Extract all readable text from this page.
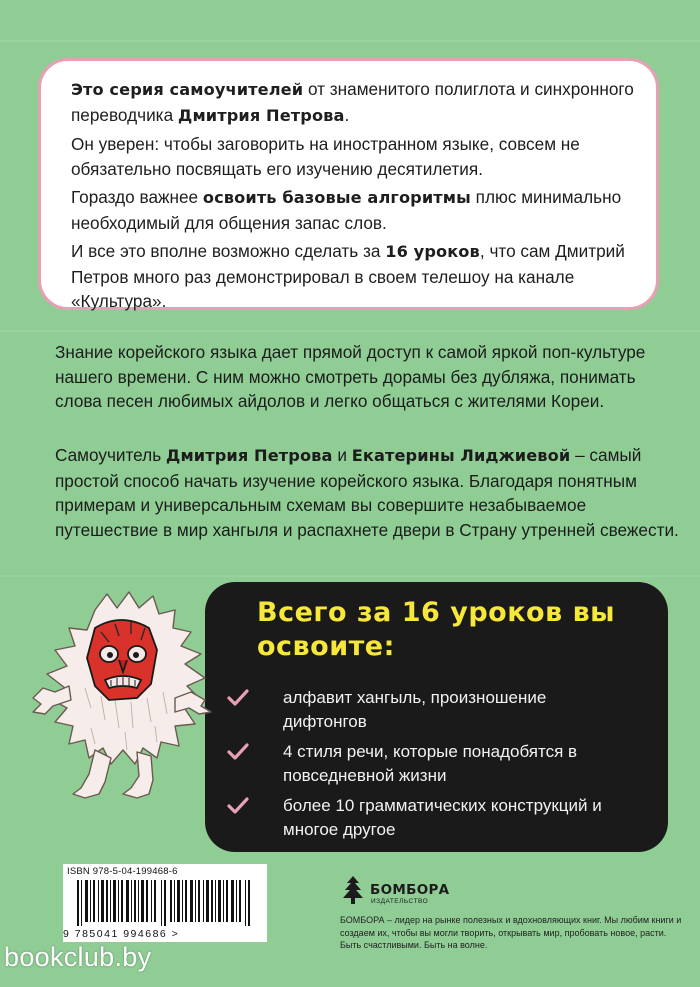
Это серия самоучителей от знаменитого полиглота и синхронного переводчика Дмитрия Петрова.

Он уверен: чтобы заговорить на иностранном языке, совсем не обязательно посвящать его изучению десятилетия.

Гораздо важнее освоить базовые алгоритмы плюс минимально необходимый для общения запас слов.

И все это вполне возможно сделать за 16 уроков, что сам Дмитрий Петров много раз демонстрировал в своем телешоу на канале «Культура».

Знание корейского языка дает прямой доступ к самой яркой поп-культуре нашего времени. С ним можно смотреть дорамы без дубляжа, понимать слова песен любимых айдолов и легко общаться с жителями Кореи.

Самоучитель Дмитрия Петрова и Екатерины Лиджиевой – самый простой способ начать изучение корейского языка. Благодаря понятным примерам и универсальным схемам вы совершите незабываемое путешествие в мир хангыля и распахнете двери в Страну утренней свежести.

Всего за 16 уроков вы освоите:

алфавит хангыль, произношение дифтонгов
4 стиля речи, которые понадобятся в повседневной жизни
более 10 грамматических конструкций и многое другое
ISBN 978-5-04-199468-6
9 785041 994686 >
БОМБОРА
ИЗДАТЕЛЬСТВО

БОМБОРА – лидер на рынке полезных и вдохновляющих книг. Мы любим книги и создаем их, чтобы вы могли творить, открывать мир, пробовать новое, расти. Быть счастливыми. Быть на волне.

bookclub.by
